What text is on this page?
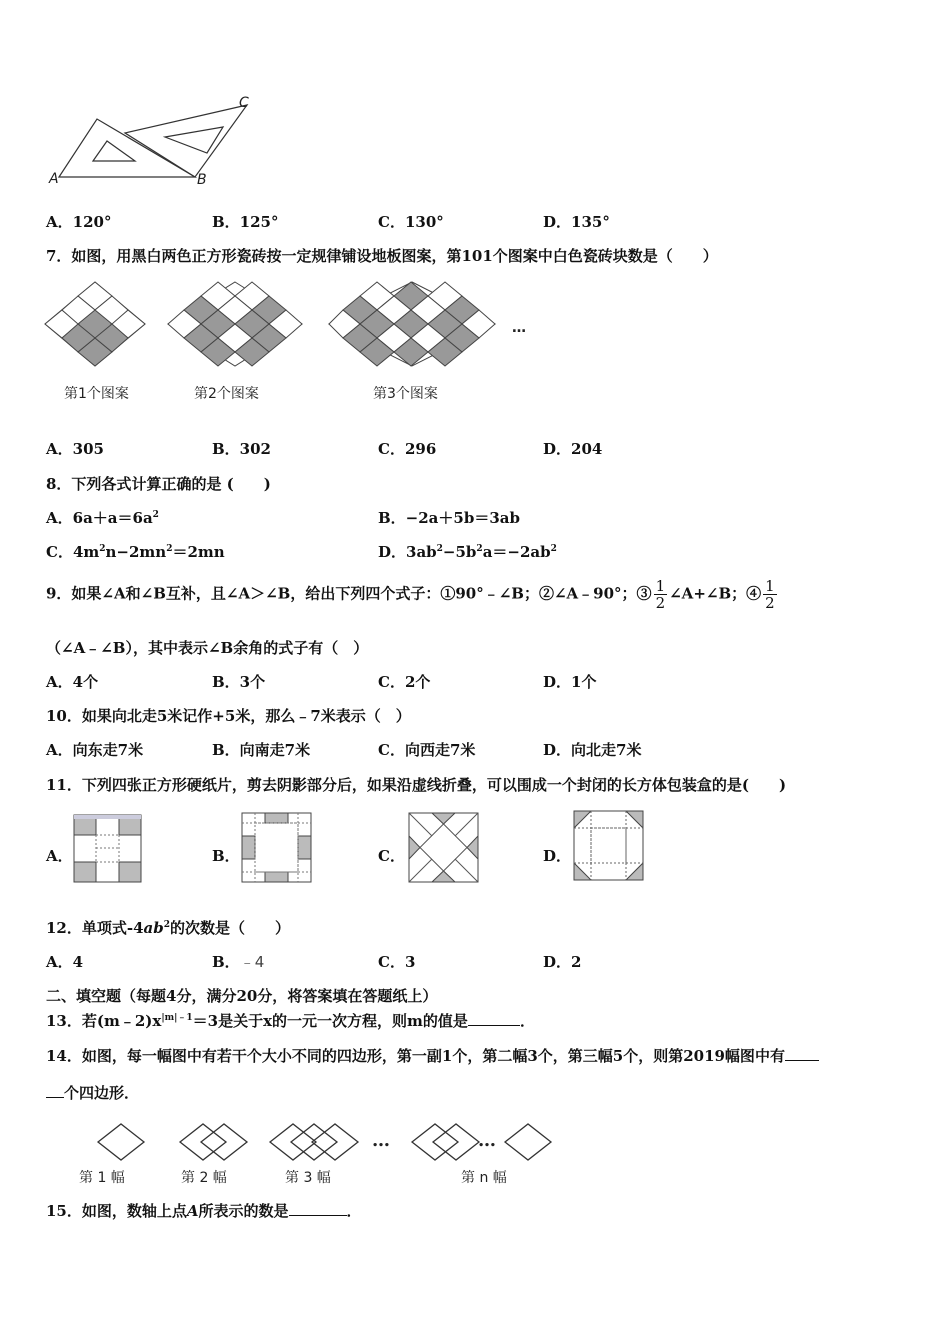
A	B
C
A．120°	B．125°	C．130°	D．135°
7．如图，用黑白两色正方形瓷砖按一定规律铺设地板图案，第101个图案中白色瓷砖块数是（　　）
第1个图案	第2个图案	第3个图案
…
A．305	B．302	C．296	D．204
8．下列各式计算正确的是 (　　)
A．$6a+a=6a^2$	B．−2a＋5b＝3ab
C．$4m^2n-2mn^2=2mn$	D．$3ab^2-5b^2a=-2ab^2$
9．如果∠A和∠B互补，且∠A＞∠B，给出下列四个式子：①90°﹣∠B；②∠A﹣90°；③ $\frac{1}{2}$ ∠A+∠B；④ $\frac{1}{2}$
（∠A﹣∠B），其中表示∠B余角的式子有（　）
A．4个	B．3个	C．2个	D．1个
10．如果向北走5米记作+5米，那么﹣7米表示（　）
A．向东走7米	B．向南走7米	C．向西走7米	D．向北走7米
11．下列四张正方形硬纸片，剪去阴影部分后，如果沿虚线折叠，可以围成一个封闭的长方体包装盒的是(　　)
A．	B．	C．	D．
12．单项式$-4ab^2$的次数是（　　）
A．4	B．﹣4	C．3	D．2
二、填空题（每题4分，满分20分，将答案填在答题纸上）
13．若$(m﹣2)x^{|m|﹣1}=3$是关于x的一元一次方程，则m的值是	．
14．如图，每一幅图中有若干个大小不同的四边形，第一副1个，第二幅3个，第三幅5个，则第2019幅图中有
个四边形．
…	…
第 1 幅	第 2 幅	第 3 幅	第 n 幅
15．如图，数轴上点A所表示的数是	．
